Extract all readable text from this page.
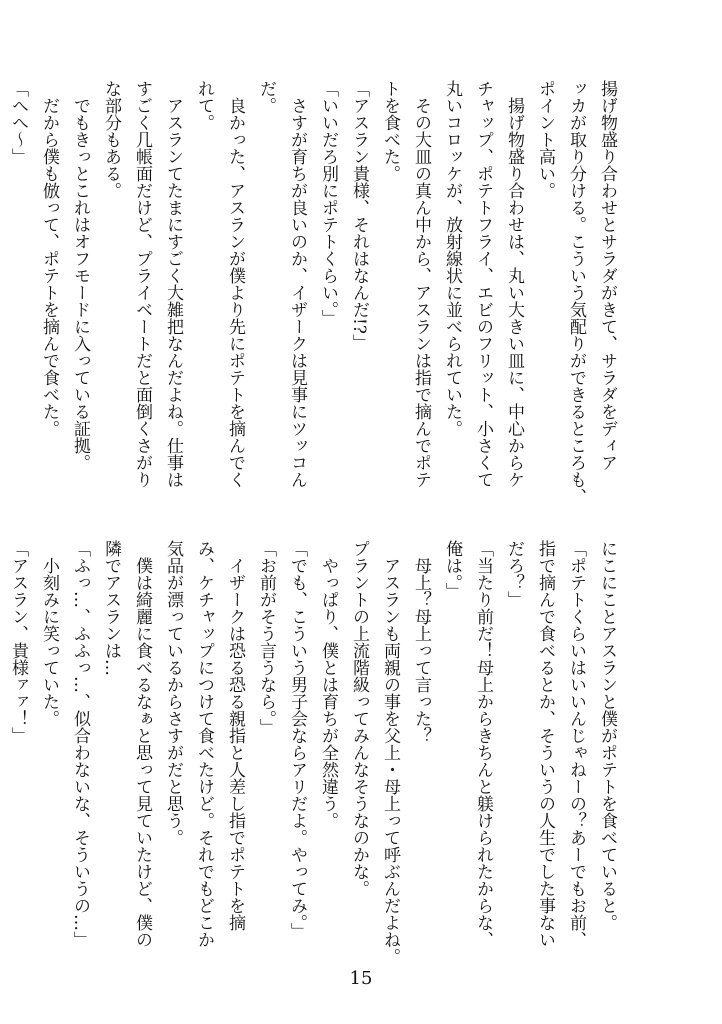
揚げ物盛り合わせとサラダがきて、サラダをディア

ッカが取り分ける。こういう気配りができるところも、

ポイント高い。

　揚げ物盛り合わせは、丸い大きい皿に、中心からケ

チャップ、ポテトフライ、エビのフリット、小さくて

丸いコロッケが、放射線状に並べられていた。

　その大皿の真ん中から、アスランは指で摘んでポテ

トを食べた。

「アスラン貴様、それはなんだ!?」

「いいだろ別にポテトくらい。」

　さすが育ちが良いのか、イザークは見事にツッコん

だ。

　良かった、アスランが僕より先にポテトを摘んでく

れて。

　アスランてたまにすごく大雑把なんだよね。仕事は

すごく几帳面だけど、プライベートだと面倒くさがり

な部分もある。

　でもきっとこれはオフモードに入っている証拠。

　だから僕も倣って、ポテトを摘んで食べた。

「へへ〜」

にこにことアスランと僕がポテトを食べていると。

「ポテトくらいはいいんじゃねーの？あーでもお前、

指で摘んで食べるとか、そういうの人生でした事ない

だろ？」

「当たり前だ！母上からきちんと躾けられたからな、

俺は。」

　母上？母上って言った？

　アスランも両親の事を父上・母上って呼ぶんだよね。

プラントの上流階級ってみんなそうなのかな。

　やっぱり、僕とは育ちが全然違う。

「でも、こういう男子会ならアリだよ。やってみ。」

「お前がそう言うなら。」

　イザークは恐る恐る親指と人差し指でポテトを摘

み、ケチャップにつけて食べたけど。それでもどこか

気品が漂っているからさすがだと思う。

　僕は綺麗に食べるなぁと思って見ていたけど、僕の

隣でアスランは…

「ふっ…、ふふっ…、似合わないな、そういうの…」

　小刻みに笑っていた。

「アスラン、貴様ァァ！」

15
